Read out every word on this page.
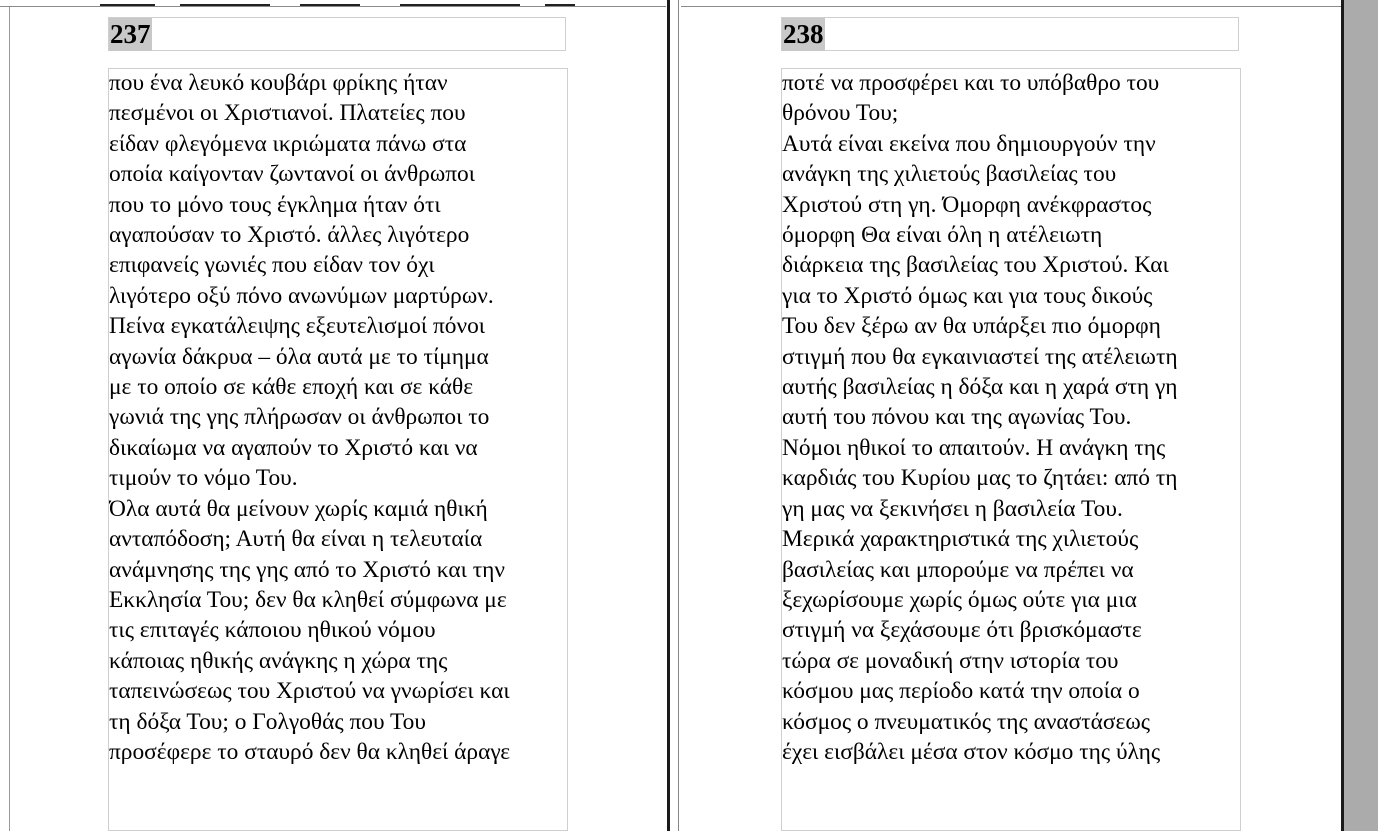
237
που ένα λευκό κουβάρι φρίκης ήταν
πεσμένοι οι Χριστιανοί. Πλατείες που
είδαν φλεγόμενα ικριώματα πάνω στα
οποία καίγονταν ζωντανοί οι άνθρωποι
που το μόνο τους έγκλημα ήταν ότι
αγαπούσαν το Χριστό. άλλες λιγότερο
επιφανείς γωνιές που είδαν τον όχι
λιγότερο οξύ πόνο ανωνύμων μαρτύρων.
Πείνα εγκατάλειψης εξευτελισμοί πόνοι
αγωνία δάκρυα – όλα αυτά με το τίμημα
με το οποίο σε κάθε εποχή και σε κάθε
γωνιά της γης πλήρωσαν οι άνθρωποι το
δικαίωμα να αγαπούν το Χριστό και να
τιμούν το νόμο Του.
Όλα αυτά θα μείνουν χωρίς καμιά ηθική
ανταπόδοση; Αυτή θα είναι η τελευταία
ανάμνησης της γης από το Χριστό και την
Εκκλησία Του; δεν θα κληθεί σύμφωνα με
τις επιταγές κάποιου ηθικού νόμου
κάποιας ηθικής ανάγκης η χώρα της
ταπεινώσεως του Χριστού να γνωρίσει και
τη δόξα Του; ο Γολγοθάς που Του
προσέφερε το σταυρό δεν θα κληθεί άραγε
238
ποτέ να προσφέρει και το υπόβαθρο του
θρόνου Του;
Αυτά είναι εκείνα που δημιουργούν την
ανάγκη της χιλιετούς βασιλείας του
Χριστού στη γη. Όμορφη ανέκφραστος
όμορφη Θα είναι όλη η ατέλειωτη
διάρκεια της βασιλείας του Χριστού. Και
για το Χριστό όμως και για τους δικούς
Του δεν ξέρω αν θα υπάρξει πιο όμορφη
στιγμή που θα εγκαινιαστεί της ατέλειωτη
αυτής βασιλείας η δόξα και η χαρά στη γη
αυτή του πόνου και της αγωνίας Του.
Νόμοι ηθικοί το απαιτούν. Η ανάγκη της
καρδιάς του Κυρίου μας το ζητάει: από τη
γη μας να ξεκινήσει η βασιλεία Του.
Μερικά χαρακτηριστικά της χιλιετούς
βασιλείας και μπορούμε να πρέπει να
ξεχωρίσουμε χωρίς όμως ούτε για μια
στιγμή να ξεχάσουμε ότι βρισκόμαστε
τώρα σε μοναδική στην ιστορία του
κόσμου μας περίοδο κατά την οποία ο
κόσμος ο πνευματικός της αναστάσεως
έχει εισβάλει μέσα στον κόσμο της ύλης
